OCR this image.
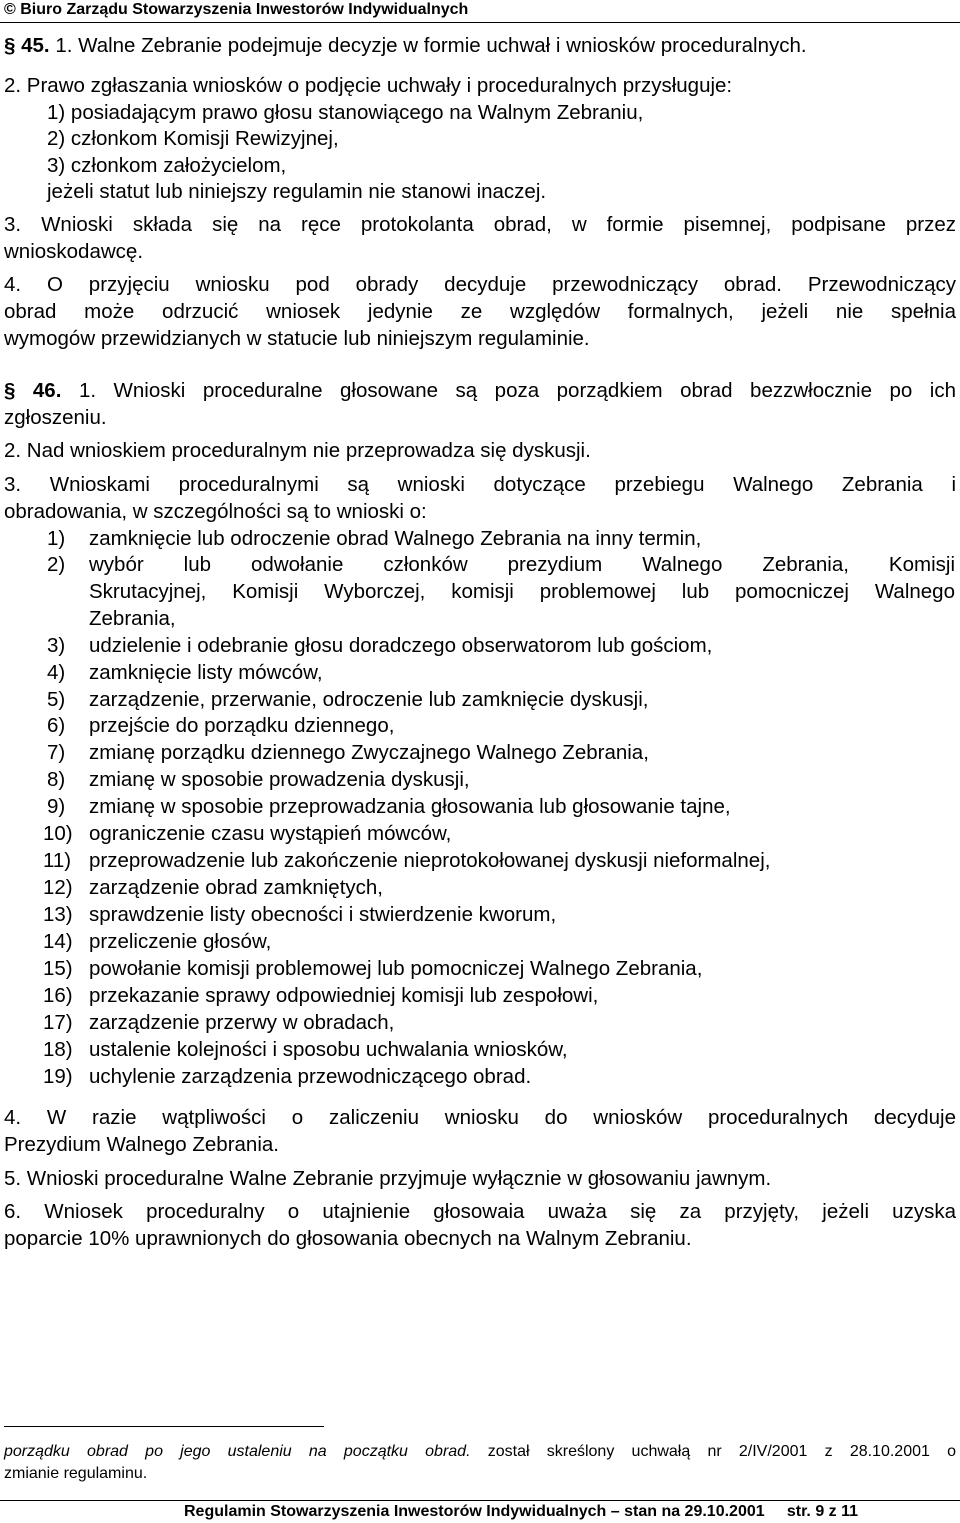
© Biuro Zarządu Stowarzyszenia Inwestorów Indywidualnych
§ 45. 1. Walne Zebranie podejmuje decyzje w formie uchwał i wniosków proceduralnych.
2. Prawo zgłaszania wniosków o podjęcie uchwały i proceduralnych przysługuje:
1) posiadającym prawo głosu stanowiącego na Walnym Zebraniu,
2) członkom Komisji Rewizyjnej,
3) członkom założycielom,
jeżeli statut lub niniejszy regulamin nie stanowi inaczej.
3. Wnioski składa się na ręce protokolanta obrad, w formie pisemnej, podpisane przez
wnioskodawcę.
4. O przyjęciu wniosku pod obrady decyduje przewodniczący obrad. Przewodniczący
obrad może odrzucić wniosek jedynie ze względów formalnych, jeżeli nie spełnia
wymogów przewidzianych w statucie lub niniejszym regulaminie.
§ 46. 1. Wnioski proceduralne głosowane są poza porządkiem obrad bezzwłocznie po ich
zgłoszeniu.
2. Nad wnioskiem proceduralnym nie przeprowadza się dyskusji.
3. Wnioskami proceduralnymi są wnioski dotyczące przebiegu Walnego Zebrania i
obradowania, w szczególności są to wnioski o:
1) zamknięcie lub odroczenie obrad Walnego Zebrania na inny termin,
2) wybór lub odwołanie członków prezydium Walnego Zebrania, Komisji
Skrutacyjnej, Komisji Wyborczej, komisji problemowej lub pomocniczej Walnego
Zebrania,
3) udzielenie i odebranie głosu doradczego obserwatorom lub gościom,
4) zamknięcie listy mówców,
5) zarządzenie, przerwanie, odroczenie lub zamknięcie dyskusji,
6) przejście do porządku dziennego,
7) zmianę porządku dziennego Zwyczajnego Walnego Zebrania,
8) zmianę w sposobie prowadzenia dyskusji,
9) zmianę w sposobie przeprowadzania głosowania lub głosowanie tajne,
10) ograniczenie czasu wystąpień mówców,
11) przeprowadzenie lub zakończenie nieprotokołowanej dyskusji nieformalnej,
12) zarządzenie obrad zamkniętych,
13) sprawdzenie listy obecności i stwierdzenie kworum,
14) przeliczenie głosów,
15) powołanie komisji problemowej lub pomocniczej Walnego Zebrania,
16) przekazanie sprawy odpowiedniej komisji lub zespołowi,
17) zarządzenie przerwy w obradach,
18) ustalenie kolejności i sposobu uchwalania wniosków,
19) uchylenie zarządzenia przewodniczącego obrad.
4. W razie wątpliwości o zaliczeniu wniosku do wniosków proceduralnych decyduje
Prezydium Walnego Zebrania.
5. Wnioski proceduralne Walne Zebranie przyjmuje wyłącznie w głosowaniu jawnym.
6. Wniosek proceduralny o utajnienie głosowaia uważa się za przyjęty, jeżeli uzyska
poparcie 10% uprawnionych do głosowania obecnych na Walnym Zebraniu.
porządku obrad po jego ustaleniu na początku obrad. został skreślony uchwałą nr 2/IV/2001 z 28.10.2001 o
zmianie regulaminu.
Regulamin Stowarzyszenia Inwestorów Indywidualnych – stan na 29.10.2001     str. 9 z 11
